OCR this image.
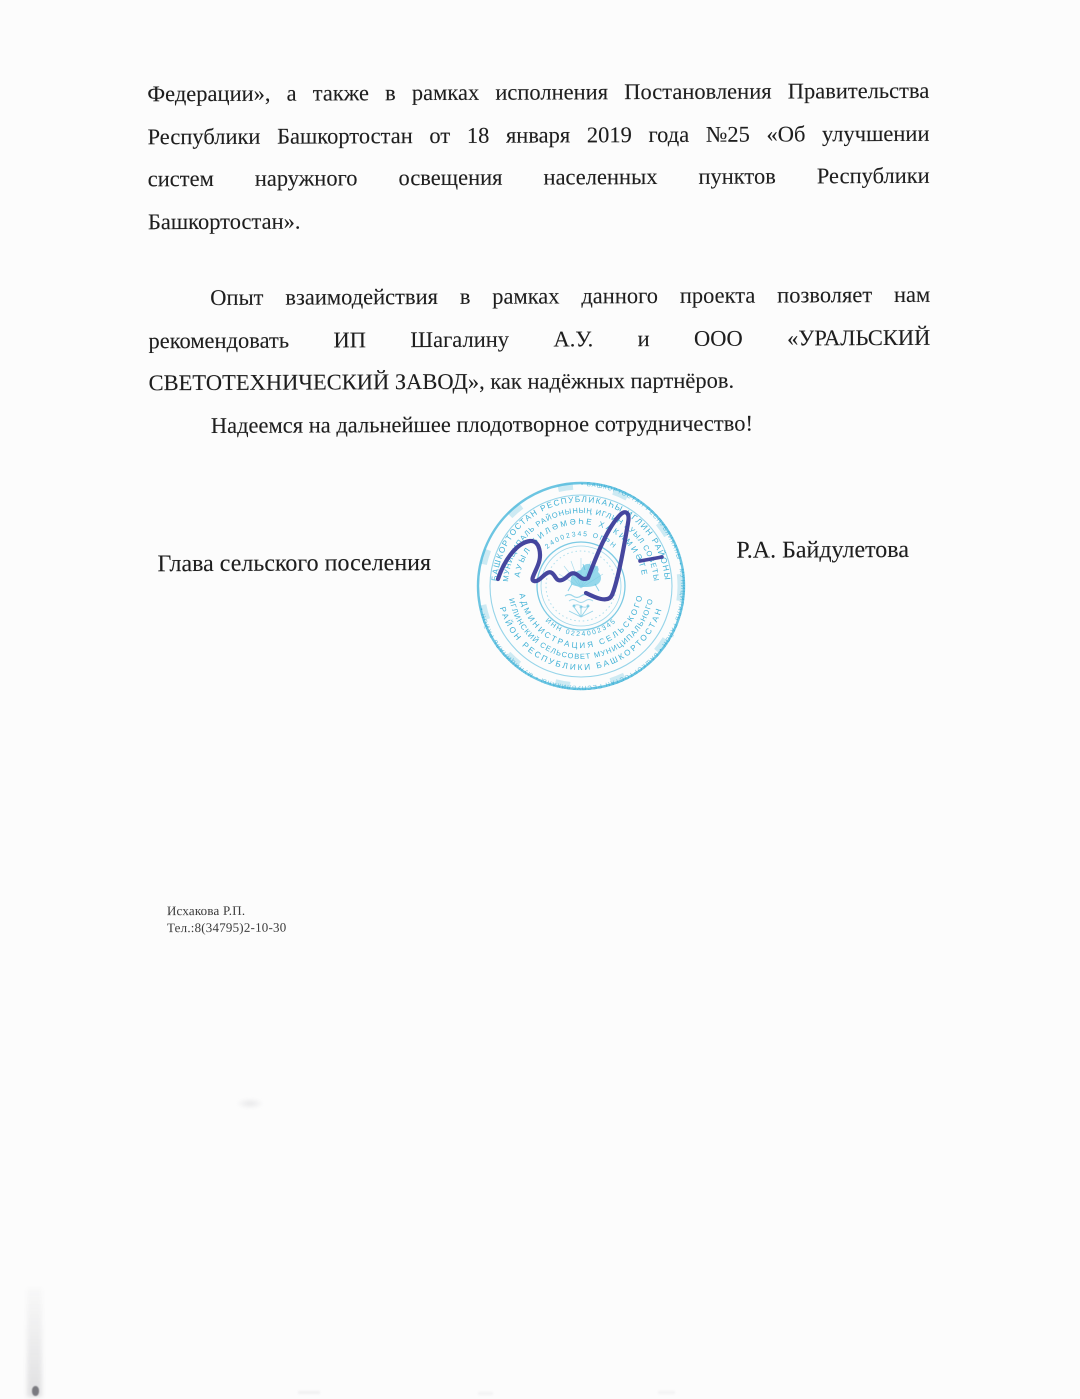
Федерации», а также в рамках исполнения Постановления Правительства
Республики Башкортостан от 18 января 2019 года №25 «Об улучшении
систем наружного освещения населенных пунктов Республики
Башкортостан».
Опыт взаимодействия в рамках данного проекта позволяет нам
рекомендовать ИП Шагалину А.У. и ООО «УРАЛЬСКИЙ
СВЕТОТЕХНИЧЕСКИЙ ЗАВОД», как надёжных партнёров.
Надеемся на дальнейшее плодотворное сотрудничество!
Глава сельского поселения	Р.А. Байдулетова
Исхакова Р.П.
Тел.:8(34795)2-10-30
• БАШКОРТОСТАН РЕСПУБЛИКАҺЫ • МУНИЦИПАЛЬ РАЙОН • БАШКОРТОСТАН РЕСПУБЛИКАҺЫ • МУНИЦИПАЛЬ РАЙОН •
БАШКОРТОСТАН РЕСПУБЛИКАҺЫ ИГЛИН РАЙОНЫ
РАЙОН РЕСПУБЛИКИ БАШКОРТОСТАН
МУНИЦИПАЛЬ РАЙОНЫНЫҢ ИГЛИН АУЫЛ СОВЕТЫ
ИГЛИНСКИЙ СЕЛЬСОВЕТ МУНИЦИПАЛЬНОГО
АУЫЛ БИЛӘМӘҺЕ ХАКИМИӘТЕ
АДМИНИСТРАЦИЯ СЕЛЬСКОГО
24002345 ОГРН
ИНН 0224002345
